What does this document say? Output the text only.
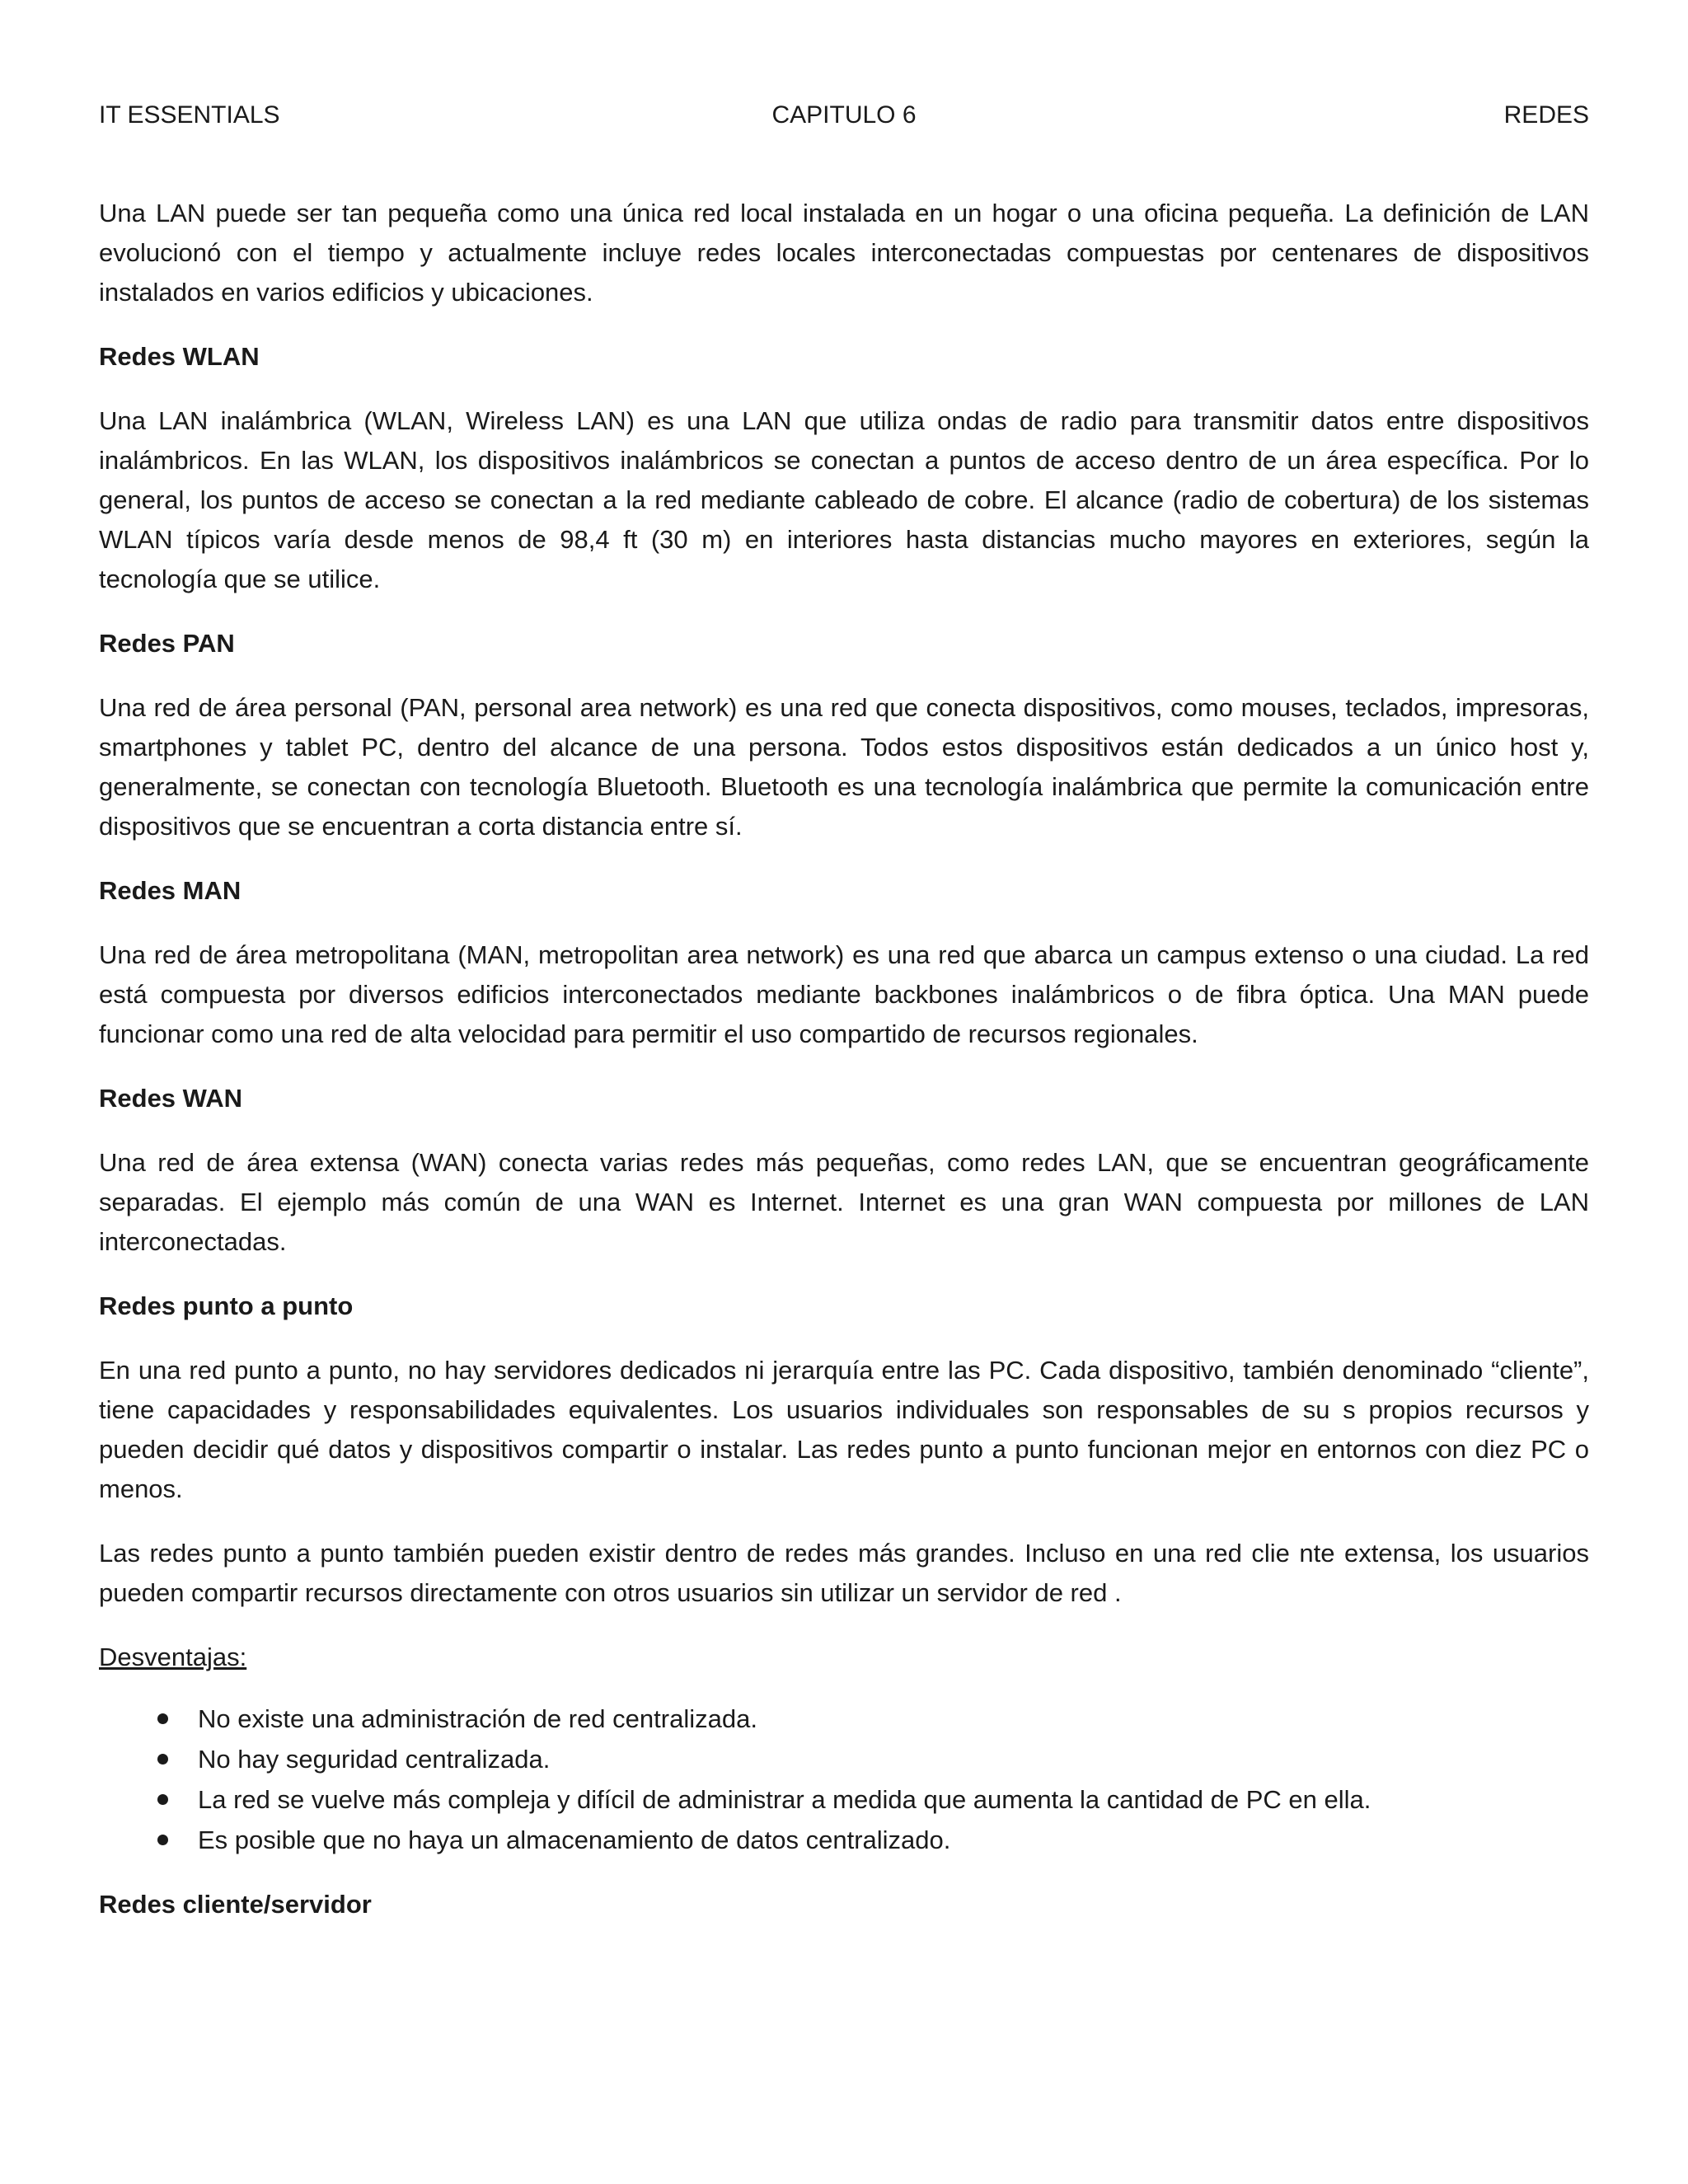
IT ESSENTIALS	CAPITULO 6	REDES

Una LAN puede ser tan pequeña como una única red local instalada en un hogar o una oficina pequeña. La definición de LAN evolucionó con el tiempo y actualmente incluye redes locales interconectadas compuestas por centenares de dispositivos instalados en varios edificios y ubicaciones.

Redes WLAN

Una LAN inalámbrica (WLAN, Wireless LAN) es una LAN que utiliza ondas de radio para transmitir datos entre dispositivos inalámbricos. En las WLAN, los dispositivos inalámbricos se conectan a puntos de acceso dentro de un área específica. Por lo general, los puntos de acceso se conectan a la red mediante cableado de cobre. El alcance (radio de cobertura) de los sistemas WLAN típicos varía desde menos de 98,4 ft (30 m) en interiores hasta distancias mucho mayores en exteriores, según la tecnología que se utilice.

Redes PAN

Una red de área personal (PAN, personal area network) es una red que conecta dispositivos, como mouses, teclados, impresoras, smartphones y tablet PC, dentro del alcance de una persona. Todos estos dispositivos están dedicados a un único host y, generalmente, se conectan con tecnología Bluetooth. Bluetooth es una tecnología inalámbrica que permite la comunicación entre dispositivos que se encuentran a corta distancia entre sí.

Redes MAN

Una red de área metropolitana (MAN, metropolitan area network) es una red que abarca un campus extenso o una ciudad. La red está compuesta por diversos edificios interconectados mediante backbones inalámbricos o de fibra óptica. Una MAN puede funcionar como una red de alta velocidad para permitir el uso compartido de recursos regionales.

Redes WAN

Una red de área extensa (WAN) conecta varias redes más pequeñas, como redes LAN, que se encuentran geográficamente separadas. El ejemplo más común de una WAN es Internet. Internet es una gran WAN compuesta por millones de LAN interconectadas.

Redes punto a punto

En una red punto a punto, no hay servidores dedicados ni jerarquía entre las PC. Cada dispositivo, también denominado “cliente”, tiene capacidades y responsabilidades equivalentes. Los usuarios individuales son responsables de su s propios recursos y pueden decidir qué datos y dispositivos compartir o instalar. Las redes punto a punto funcionan mejor en entornos con diez PC o menos.

Las redes punto a punto también pueden existir dentro de redes más grandes. Incluso en una red clie nte extensa, los usuarios pueden compartir recursos directamente con otros usuarios sin utilizar un servidor de red .

Desventajas:

No existe una administración de red centralizada.
No hay seguridad centralizada.
La red se vuelve más compleja y difícil de administrar a medida que aumenta la cantidad de PC en ella.
Es posible que no haya un almacenamiento de datos centralizado.

Redes cliente/servidor
